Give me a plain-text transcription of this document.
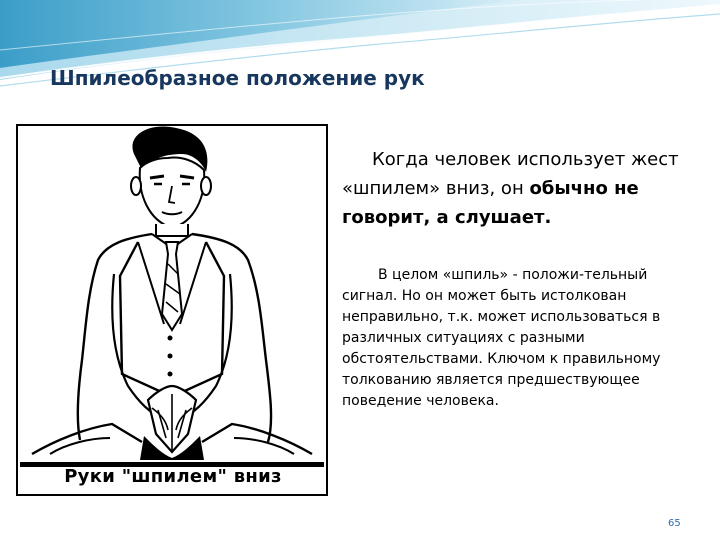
Шпилеобразное положение рук
Руки "шпилем" вниз

Когда человек использует жест «шпилем» вниз, он обычно не говорит, а слушает.

В целом «шпиль» - положи-тельный сигнал. Но он может быть истолкован неправильно, т.к. может использоваться в различных ситуациях с разными обстоятельствами. Ключом к правильному толкованию является предшествующее поведение человека.

65
